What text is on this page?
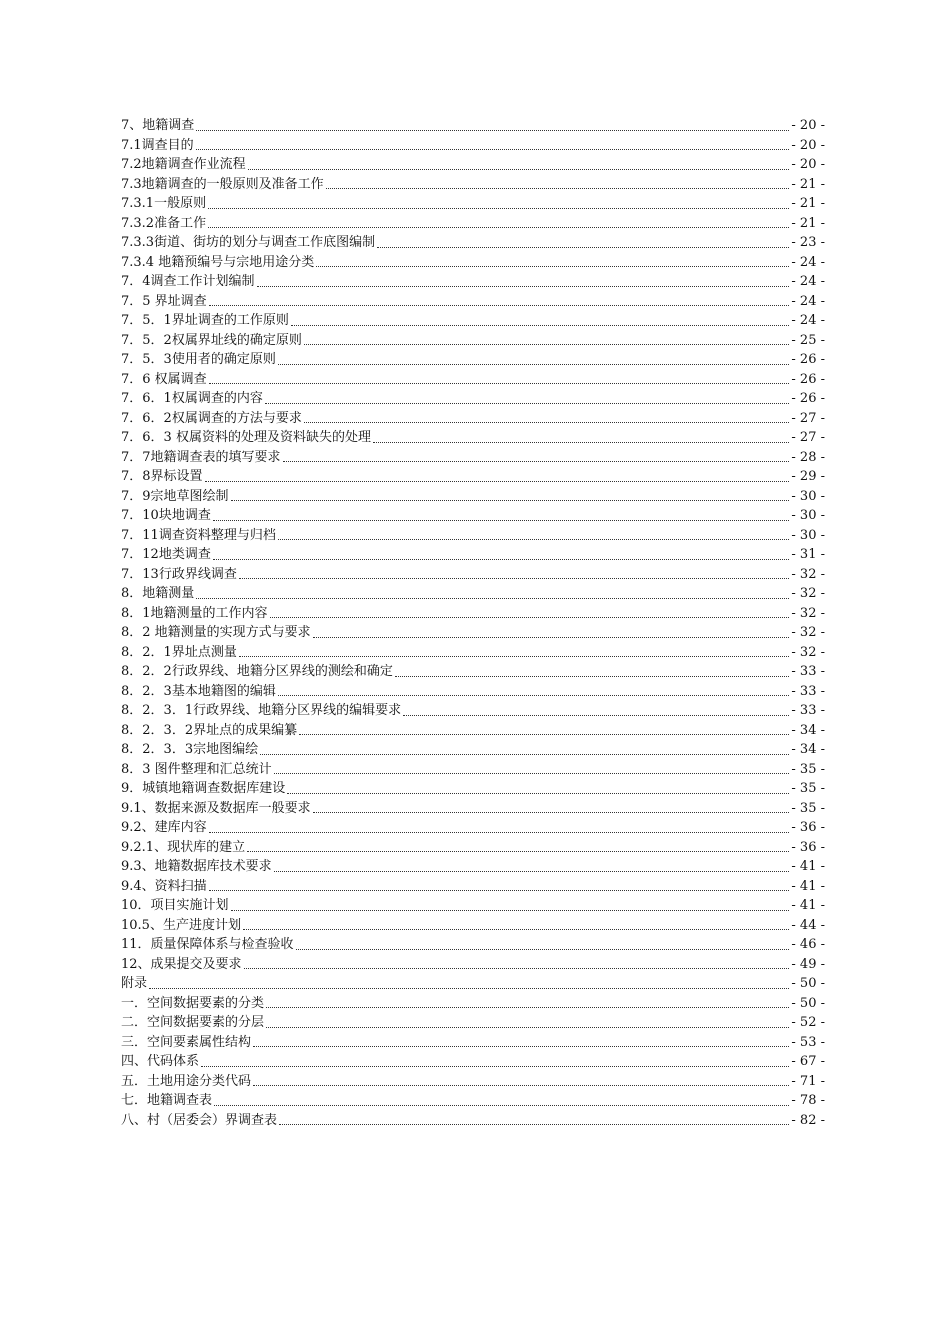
7、地籍调查	- 20 -
7.1调查目的	- 20 -
7.2地籍调查作业流程	- 20 -
7.3地籍调查的一般原则及准备工作	- 21 -
7.3.1一般原则	- 21 -
7.3.2准备工作	- 21 -
7.3.3街道、街坊的划分与调查工作底图编制	- 23 -
7.3.4 地籍预编号与宗地用途分类	- 24 -
7．4调查工作计划编制	- 24 -
7．5 界址调查	- 24 -
7．5．1界址调查的工作原则	- 24 -
7．5．2权属界址线的确定原则	- 25 -
7．5．3使用者的确定原则	- 26 -
7．6 权属调查	- 26 -
7．6．1权属调查的内容	- 26 -
7．6．2权属调查的方法与要求	- 27 -
7．6．3 权属资料的处理及资料缺失的处理	- 27 -
7．7地籍调查表的填写要求	- 28 -
7．8界标设置	- 29 -
7．9宗地草图绘制	- 30 -
7．10块地调查	- 30 -
7．11调查资料整理与归档	- 30 -
7．12地类调查	- 31 -
7．13行政界线调查	- 32 -
8．地籍测量	- 32 -
8．1地籍测量的工作内容	- 32 -
8．2 地籍测量的实现方式与要求	- 32 -
8．2．1界址点测量	- 32 -
8．2．2行政界线、地籍分区界线的测绘和确定	- 33 -
8．2．3基本地籍图的编辑	- 33 -
8．2．3．1行政界线、地籍分区界线的编辑要求	- 33 -
8．2．3．2界址点的成果编纂	- 34 -
8．2．3．3宗地图编绘	- 34 -
8．3 图件整理和汇总统计	- 35 -
9．城镇地籍调查数据库建设	- 35 -
9.1、数据来源及数据库一般要求	- 35 -
9.2、建库内容	- 36 -
9.2.1、现状库的建立	- 36 -
9.3、地籍数据库技术要求	- 41 -
9.4、资料扫描	- 41 -
10．项目实施计划	- 41 -
10.5、生产进度计划	- 44 -
11．质量保障体系与检查验收	- 46 -
12、成果提交及要求	- 49 -
附录	- 50 -
一．空间数据要素的分类	- 50 -
二．空间数据要素的分层	- 52 -
三．空间要素属性结构	- 53 -
四、代码体系	- 67 -
五．土地用途分类代码	- 71 -
七．地籍调查表	- 78 -
八、村（居委会）界调查表	- 82 -
